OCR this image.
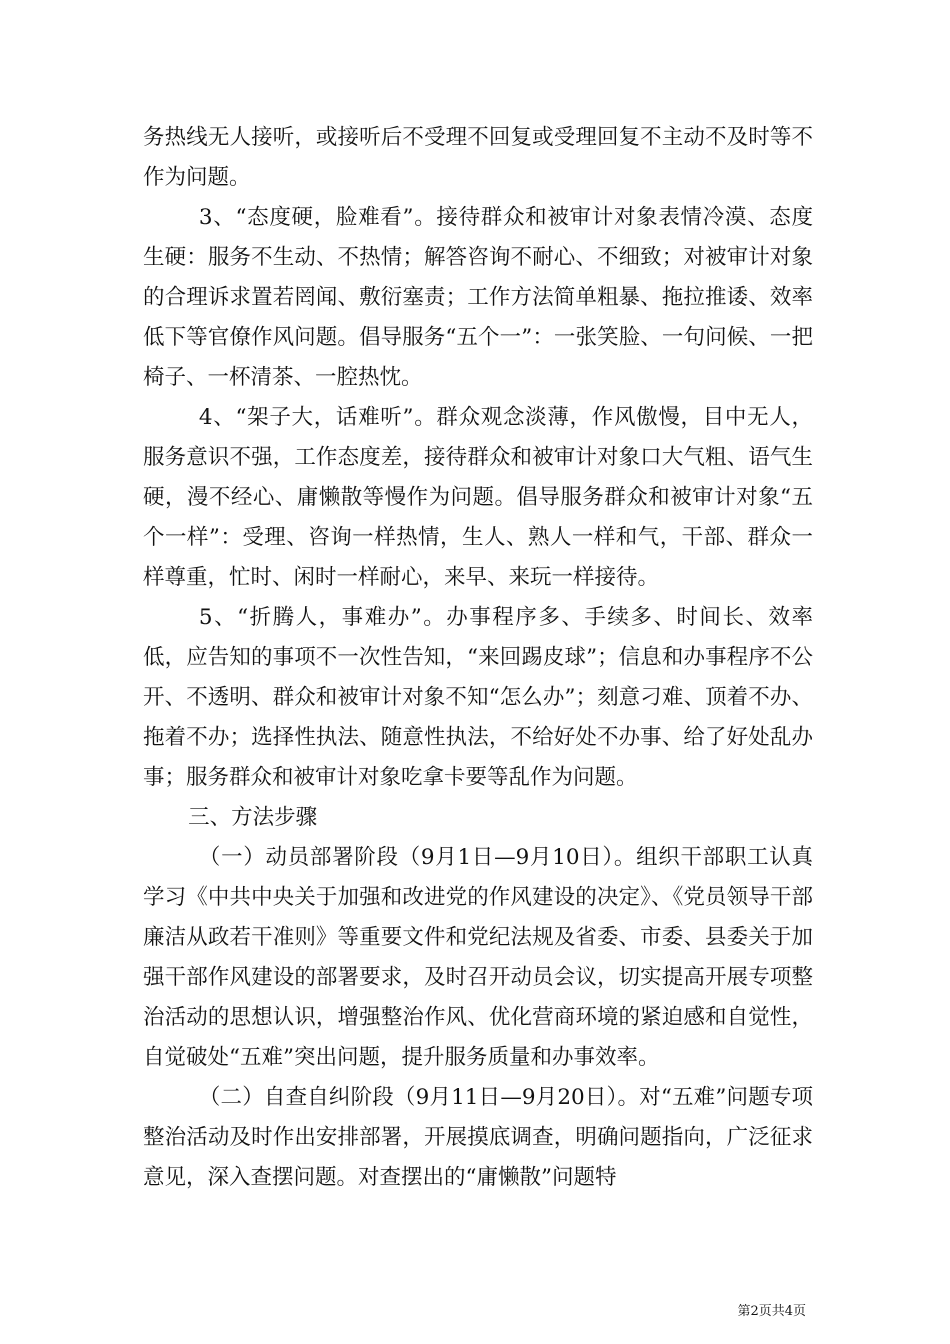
务热线无人接听，或接听后不受理不回复或受理回复不主动不及时等不作为问题。

3、“态度硬，脸难看”。接待群众和被审计对象表情冷漠、态度生硬：服务不生动、不热情；解答咨询不耐心、不细致；对被审计对象的合理诉求置若罔闻、敷衍塞责；工作方法简单粗暴、拖拉推诿、效率低下等官僚作风问题。倡导服务“五个一”：一张笑脸、一句问候、一把椅子、一杯清茶、一腔热忱。

4、“架子大，话难听”。群众观念淡薄，作风傲慢，目中无人，服务意识不强，工作态度差，接待群众和被审计对象口大气粗、语气生硬，漫不经心、庸懒散等慢作为问题。倡导服务群众和被审计对象“五个一样”：受理、咨询一样热情，生人、熟人一样和气，干部、群众一样尊重，忙时、闲时一样耐心，来早、来玩一样接待。

5、“折腾人，事难办”。办事程序多、手续多、时间长、效率低，应告知的事项不一次性告知，“来回踢皮球”；信息和办事程序不公开、不透明、群众和被审计对象不知“怎么办”；刻意刁难、顶着不办、拖着不办；选择性执法、随意性执法，不给好处不办事、给了好处乱办事；服务群众和被审计对象吃拿卡要等乱作为问题。

三、方法步骤

（一）动员部署阶段（9月1日—9月10日）。组织干部职工认真学习《中共中央关于加强和改进党的作风建设的决定》、《党员领导干部廉洁从政若干准则》等重要文件和党纪法规及省委、市委、县委关于加强干部作风建设的部署要求，及时召开动员会议，切实提高开展专项整治活动的思想认识，增强整治作风、优化营商环境的紧迫感和自觉性，自觉破处“五难”突出问题，提升服务质量和办事效率。

（二）自查自纠阶段（9月11日—9月20日）。对“五难”问题专项整治活动及时作出安排部署，开展摸底调查，明确问题指向，广泛征求意见，深入查摆问题。对查摆出的“庸懒散”问题特

第2页共4页
